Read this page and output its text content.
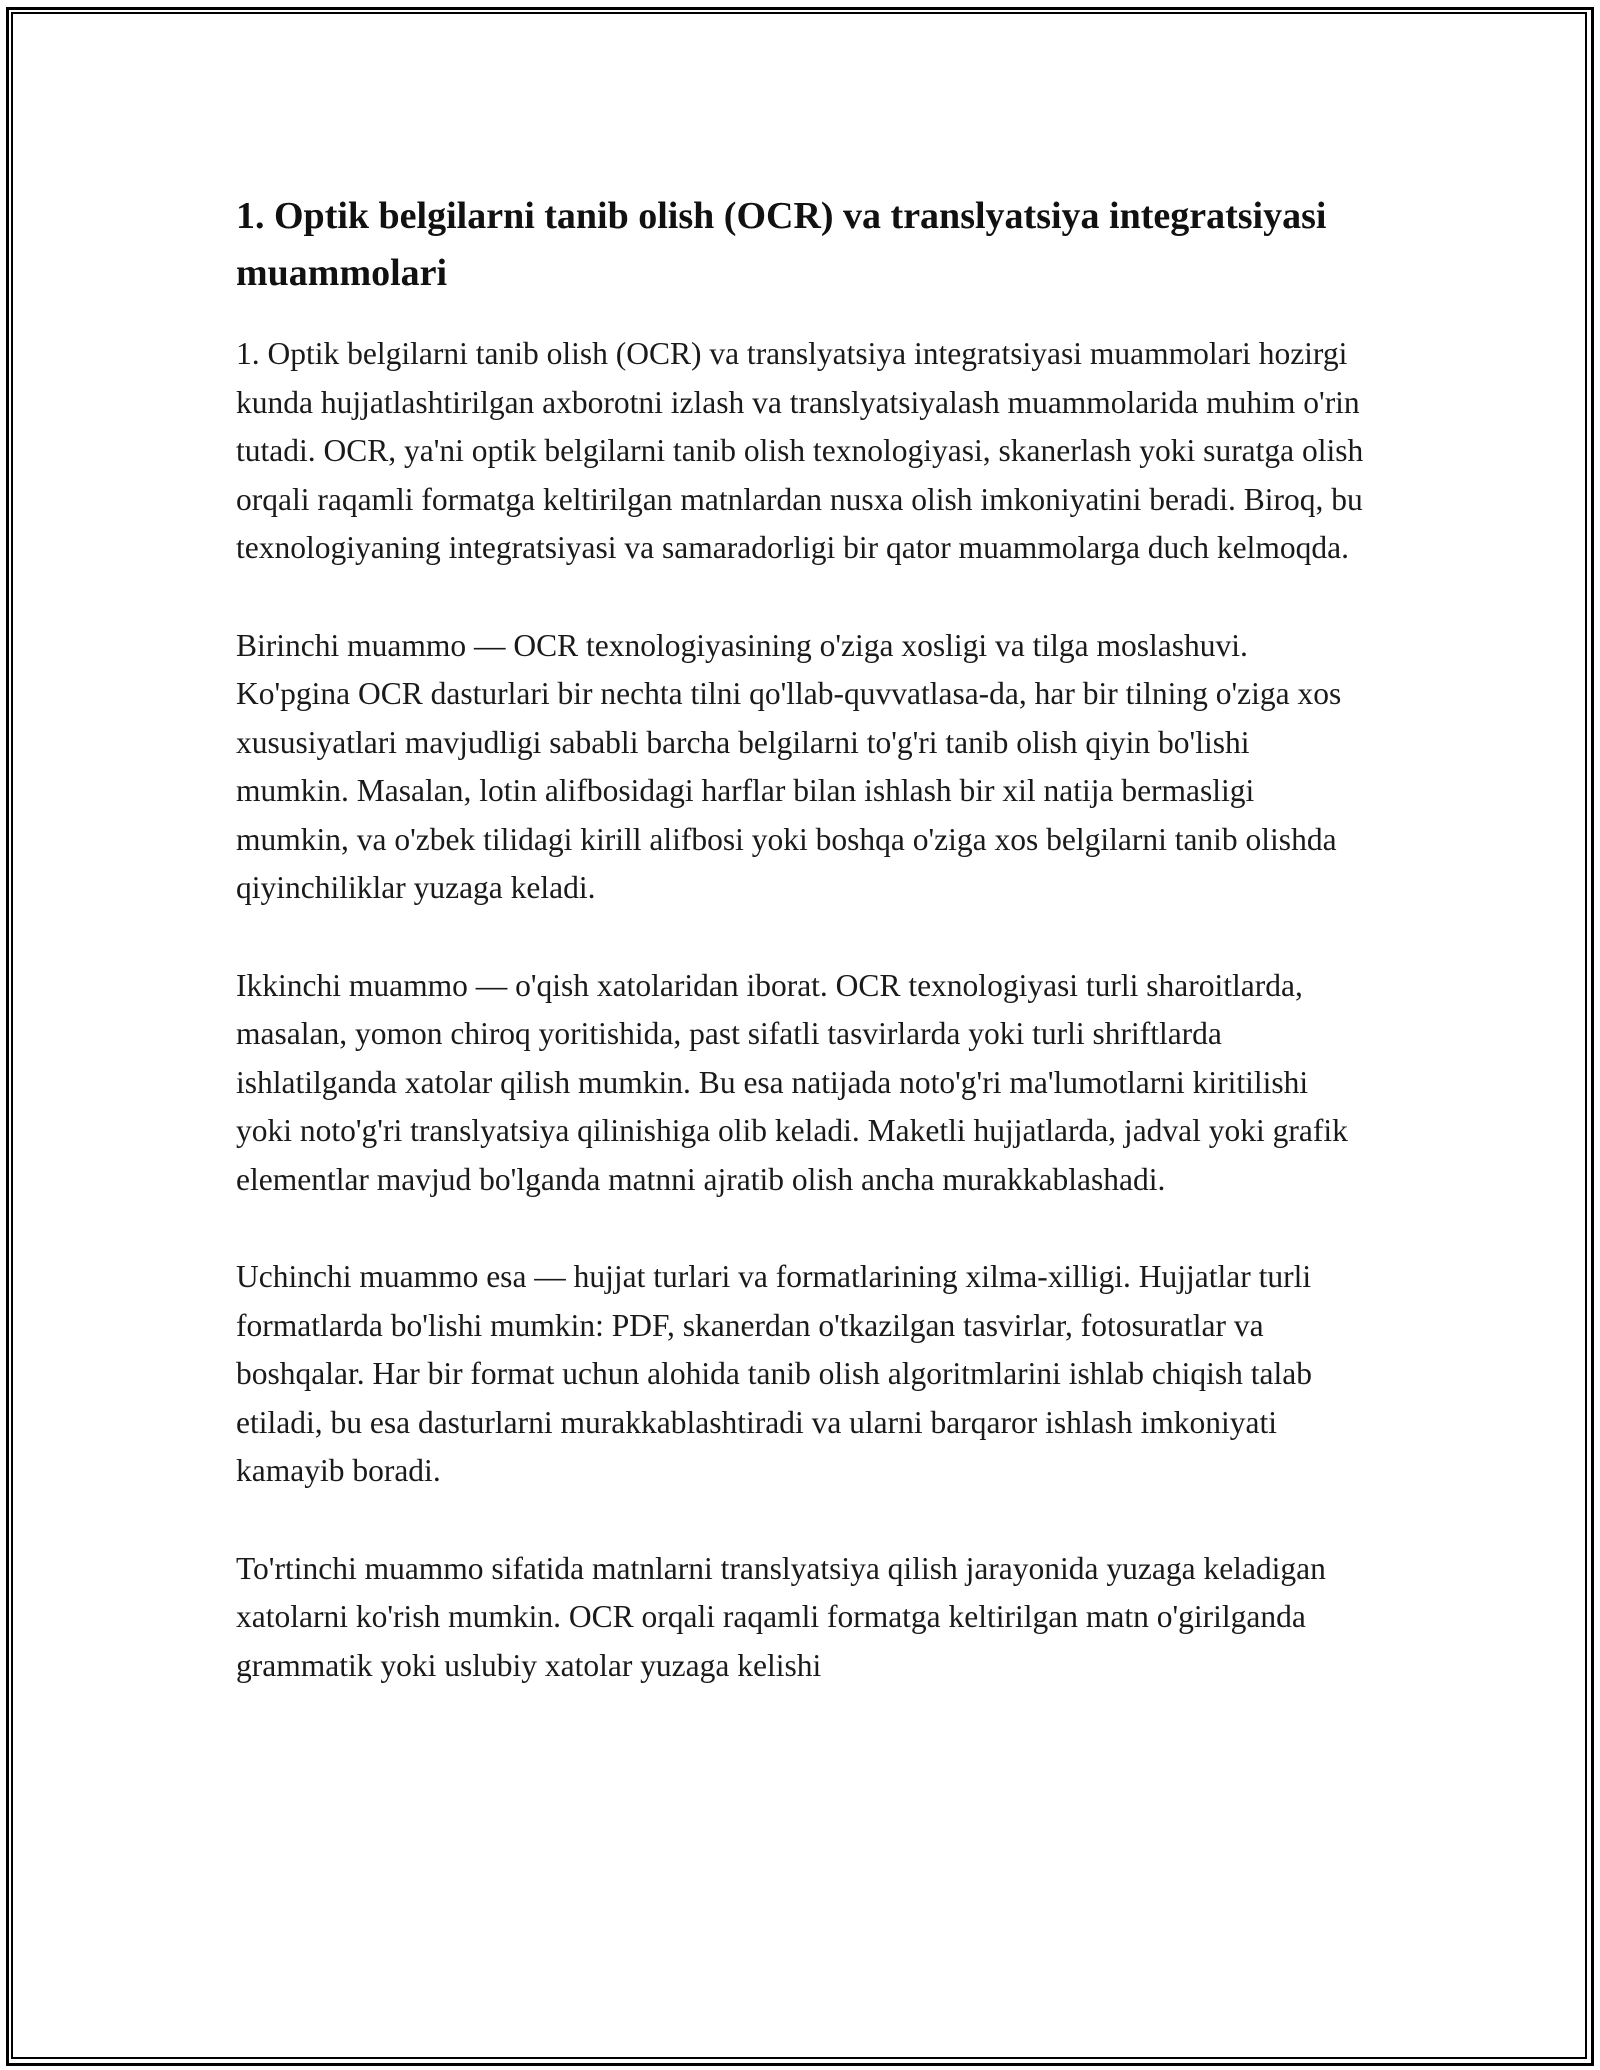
1. Optik belgilarni tanib olish (OCR) va translyatsiya integratsiyasi muammolari

1. Optik belgilarni tanib olish (OCR) va translyatsiya integratsiyasi muammolari hozirgi kunda hujjatlashtirilgan axborotni izlash va translyatsiyalash muammolarida muhim o'rin tutadi. OCR, ya'ni optik belgilarni tanib olish texnologiyasi, skanerlash yoki suratga olish orqali raqamli formatga keltirilgan matnlardan nusxa olish imkoniyatini beradi. Biroq, bu texnologiyaning integratsiyasi va samaradorligi bir qator muammolarga duch kelmoqda.

Birinchi muammo — OCR texnologiyasining o'ziga xosligi va tilga moslashuvi. Ko'pgina OCR dasturlari bir nechta tilni qo'llab-quvvatlasa-da, har bir tilning o'ziga xos xususiyatlari mavjudligi sababli barcha belgilarni to'g'ri tanib olish qiyin bo'lishi mumkin. Masalan, lotin alifbosidagi harflar bilan ishlash bir xil natija bermasligi mumkin, va o'zbek tilidagi kirill alifbosi yoki boshqa o'ziga xos belgilarni tanib olishda qiyinchiliklar yuzaga keladi.

Ikkinchi muammo — o'qish xatolaridan iborat. OCR texnologiyasi turli sharoitlarda, masalan, yomon chiroq yoritishida, past sifatli tasvirlarda yoki turli shriftlarda ishlatilganda xatolar qilish mumkin. Bu esa natijada noto'g'ri ma'lumotlarni kiritilishi yoki noto'g'ri translyatsiya qilinishiga olib keladi. Maketli hujjatlarda, jadval yoki grafik elementlar mavjud bo'lganda matnni ajratib olish ancha murakkablashadi.

Uchinchi muammo esa — hujjat turlari va formatlarining xilma-xilligi. Hujjatlar turli formatlarda bo'lishi mumkin: PDF, skanerdan o'tkazilgan tasvirlar, fotosuratlar va boshqalar. Har bir format uchun alohida tanib olish algoritmlarini ishlab chiqish talab etiladi, bu esa dasturlarni murakkablashtiradi va ularni barqaror ishlash imkoniyati kamayib boradi.

To'rtinchi muammo sifatida matnlarni translyatsiya qilish jarayonida yuzaga keladigan xatolarni ko'rish mumkin. OCR orqali raqamli formatga keltirilgan matn o'girilganda grammatik yoki uslubiy xatolar yuzaga kelishi
